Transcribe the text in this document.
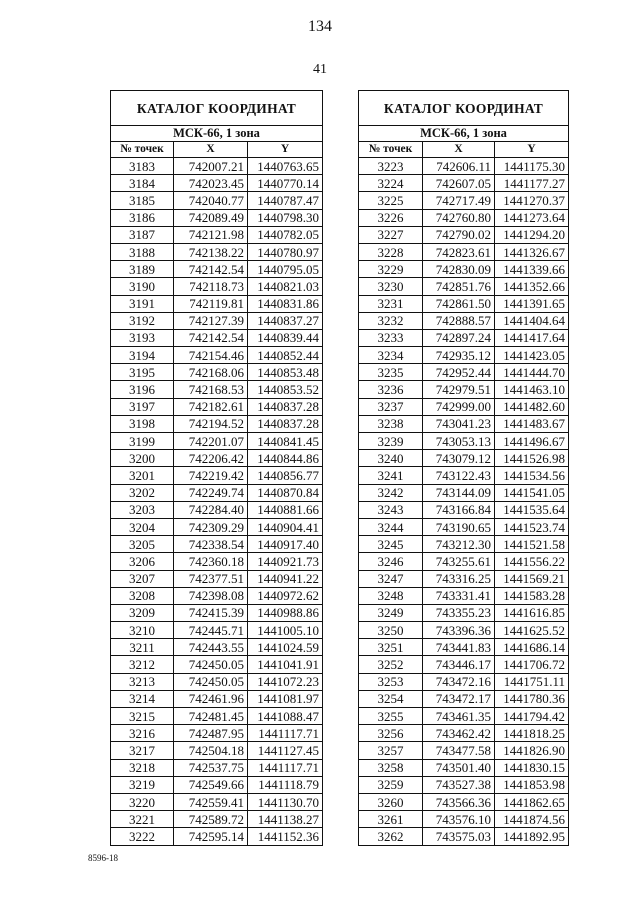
134
41
КАТАЛОГ КООРДИНАТ		
МСК-66, 1 зона		
№ точек	X	Y
3183	742007.21	1440763.65
3184	742023.45	1440770.14
3185	742040.77	1440787.47
3186	742089.49	1440798.30
3187	742121.98	1440782.05
3188	742138.22	1440780.97
3189	742142.54	1440795.05
3190	742118.73	1440821.03
3191	742119.81	1440831.86
3192	742127.39	1440837.27
3193	742142.54	1440839.44
3194	742154.46	1440852.44
3195	742168.06	1440853.48
3196	742168.53	1440853.52
3197	742182.61	1440837.28
3198	742194.52	1440837.28
3199	742201.07	1440841.45
3200	742206.42	1440844.86
3201	742219.42	1440856.77
3202	742249.74	1440870.84
3203	742284.40	1440881.66
3204	742309.29	1440904.41
3205	742338.54	1440917.40
3206	742360.18	1440921.73
3207	742377.51	1440941.22
3208	742398.08	1440972.62
3209	742415.39	1440988.86
3210	742445.71	1441005.10
3211	742443.55	1441024.59
3212	742450.05	1441041.91
3213	742450.05	1441072.23
3214	742461.96	1441081.97
3215	742481.45	1441088.47
3216	742487.95	1441117.71
3217	742504.18	1441127.45
3218	742537.75	1441117.71
3219	742549.66	1441118.79
3220	742559.41	1441130.70
3221	742589.72	1441138.27
3222	742595.14	1441152.36
КАТАЛОГ КООРДИНАТ		
МСК-66, 1 зона		
№ точек	X	Y
3223	742606.11	1441175.30
3224	742607.05	1441177.27
3225	742717.49	1441270.37
3226	742760.80	1441273.64
3227	742790.02	1441294.20
3228	742823.61	1441326.67
3229	742830.09	1441339.66
3230	742851.76	1441352.66
3231	742861.50	1441391.65
3232	742888.57	1441404.64
3233	742897.24	1441417.64
3234	742935.12	1441423.05
3235	742952.44	1441444.70
3236	742979.51	1441463.10
3237	742999.00	1441482.60
3238	743041.23	1441483.67
3239	743053.13	1441496.67
3240	743079.12	1441526.98
3241	743122.43	1441534.56
3242	743144.09	1441541.05
3243	743166.84	1441535.64
3244	743190.65	1441523.74
3245	743212.30	1441521.58
3246	743255.61	1441556.22
3247	743316.25	1441569.21
3248	743331.41	1441583.28
3249	743355.23	1441616.85
3250	743396.36	1441625.52
3251	743441.83	1441686.14
3252	743446.17	1441706.72
3253	743472.16	1441751.11
3254	743472.17	1441780.36
3255	743461.35	1441794.42
3256	743462.42	1441818.25
3257	743477.58	1441826.90
3258	743501.40	1441830.15
3259	743527.38	1441853.98
3260	743566.36	1441862.65
3261	743576.10	1441874.56
3262	743575.03	1441892.95
8596-18
